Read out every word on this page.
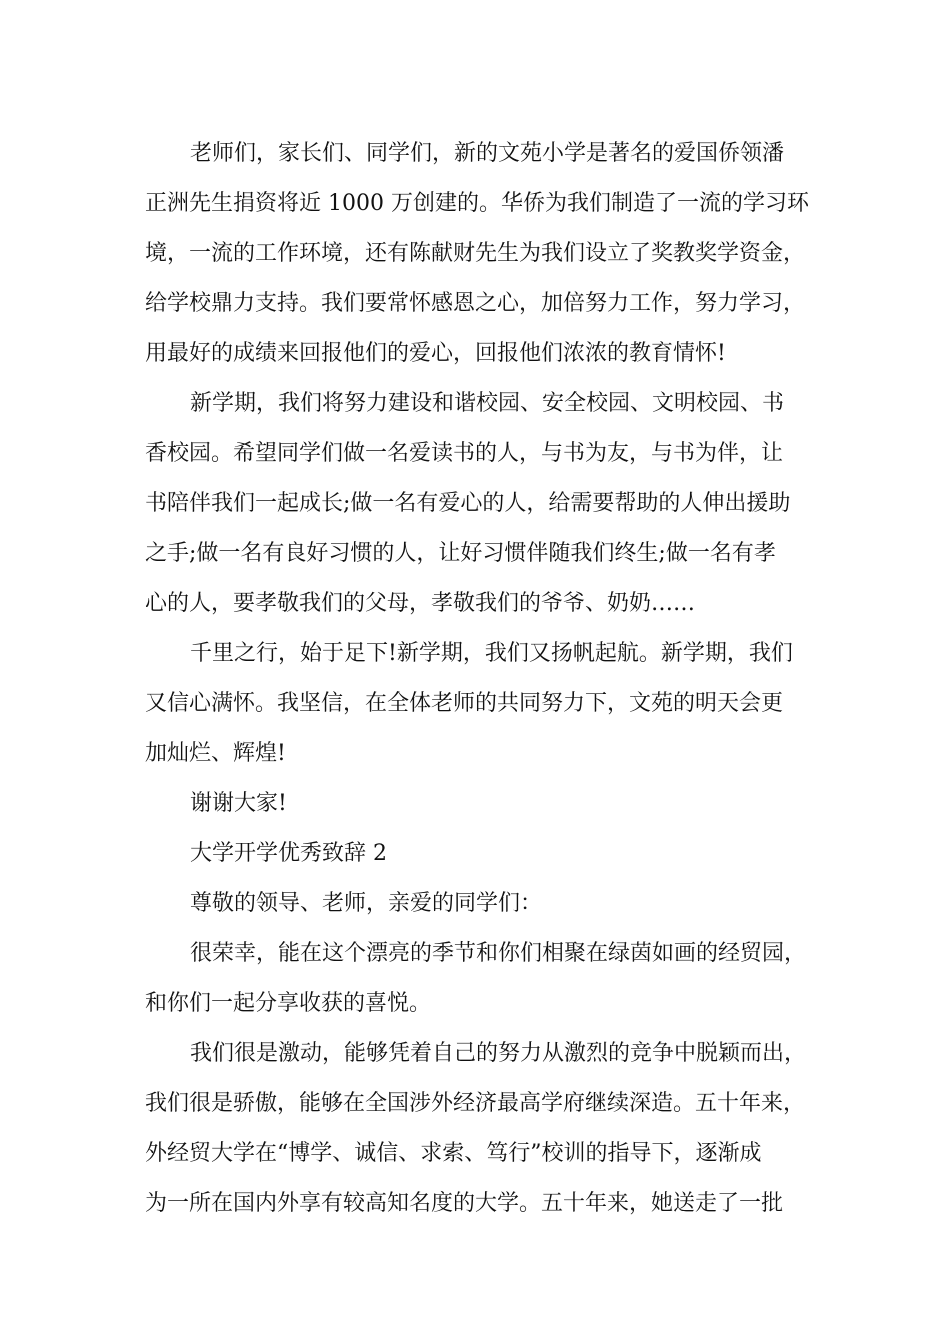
老师们，家长们、同学们，新的文苑小学是著名的爱国侨领潘
正洲先生捐资将近 1000 万创建的。华侨为我们制造了一流的学习环
境，一流的工作环境，还有陈献财先生为我们设立了奖教奖学资金，
给学校鼎力支持。我们要常怀感恩之心，加倍努力工作，努力学习，
用最好的成绩来回报他们的爱心，回报他们浓浓的教育情怀!
新学期，我们将努力建设和谐校园、安全校园、文明校园、书
香校园。希望同学们做一名爱读书的人，与书为友，与书为伴，让
书陪伴我们一起成长;做一名有爱心的人，给需要帮助的人伸出援助
之手;做一名有良好习惯的人，让好习惯伴随我们终生;做一名有孝
心的人，要孝敬我们的父母，孝敬我们的爷爷、奶奶……
千里之行，始于足下!新学期，我们又扬帆起航。新学期，我们
又信心满怀。我坚信，在全体老师的共同努力下，文苑的明天会更
加灿烂、辉煌!
谢谢大家!
大学开学优秀致辞 2
尊敬的领导、老师，亲爱的同学们：
很荣幸，能在这个漂亮的季节和你们相聚在绿茵如画的经贸园，
和你们一起分享收获的喜悦。
我们很是激动，能够凭着自己的努力从激烈的竞争中脱颖而出，
我们很是骄傲，能够在全国涉外经济最高学府继续深造。五十年来，
外经贸大学在“博学、诚信、求索、笃行”校训的指导下，逐渐成
为一所在国内外享有较高知名度的大学。五十年来，她送走了一批
